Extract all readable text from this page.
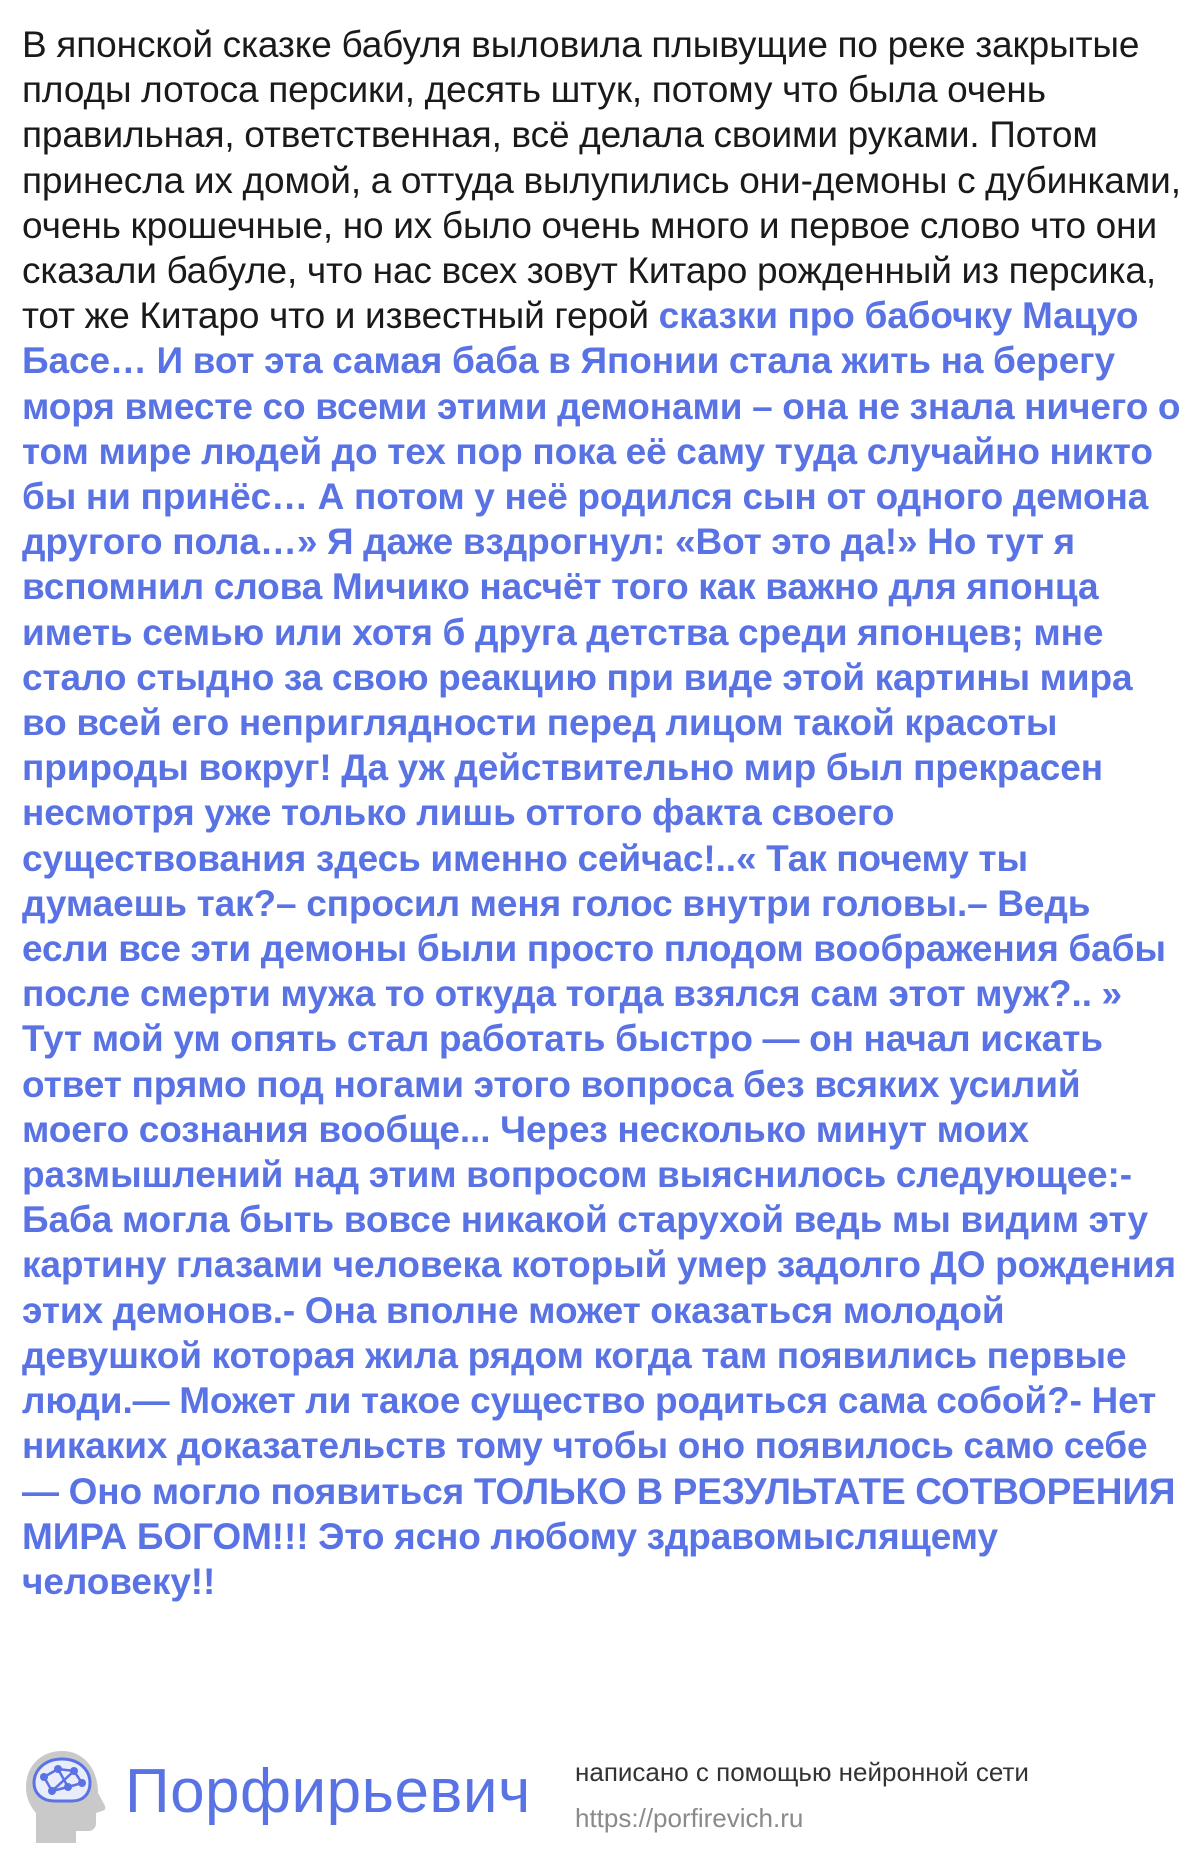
В японской сказке бабуля выловила плывущие по реке закрытые плоды лотоса персики, десять штук, потому что была очень правильная, ответственная, всё делала своими руками. Потом принесла их домой, а оттуда вылупились они-демоны с дубинками, очень крошечные, но их было очень много и первое слово что они сказали бабуле, что нас всех зовут Китаро рожденный из персика, тот же Китаро что и известный герой сказки про бабочку Мацуо Басе… И вот эта самая баба в Японии стала жить на берегу моря вместе со всеми этими демонами – она не знала ничего о том мире людей до тех пор пока её саму туда случайно никто бы ни принёс… А потом у неё родился сын от одного демона другого пола…» Я даже вздрогнул: «Вот это да!» Но тут я вспомнил слова Мичико насчёт того как важно для японца иметь семью или хотя б друга детства среди японцев; мне стало стыдно за свою реакцию при виде этой картины мира во всей его неприглядности перед лицом такой красоты природы вокруг! Да уж действительно мир был прекрасен несмотря уже только лишь оттого факта своего существования здесь именно сейчас!..« Так почему ты думаешь так?– спросил меня голос внутри головы.– Ведь если все эти демоны были просто плодом воображения бабы после смерти мужа то откуда тогда взялся сам этот муж?.. » Тут мой ум опять стал работать быстро — он начал искать ответ прямо под ногами этого вопроса без всяких усилий моего сознания вообще... Через несколько минут моих размышлений над этим вопросом выяснилось следующее:- Баба могла быть вовсе никакой старухой ведь мы видим эту картину глазами человека который умер задолго ДО рождения этих демонов.- Она вполне может оказаться молодой девушкой которая жила рядом когда там появились первые люди.— Может ли такое существо родиться сама собой?- Нет никаких доказательств тому чтобы оно появилось само себе— Оно могло появиться ТОЛЬКО В РЕЗУЛЬТАТЕ СОТВОРЕНИЯ МИРА БОГОМ!!! Это ясно любому здравомыслящему человеку!!

Порфирьевич написано с помощью нейронной сети
https://porfirevich.ru
